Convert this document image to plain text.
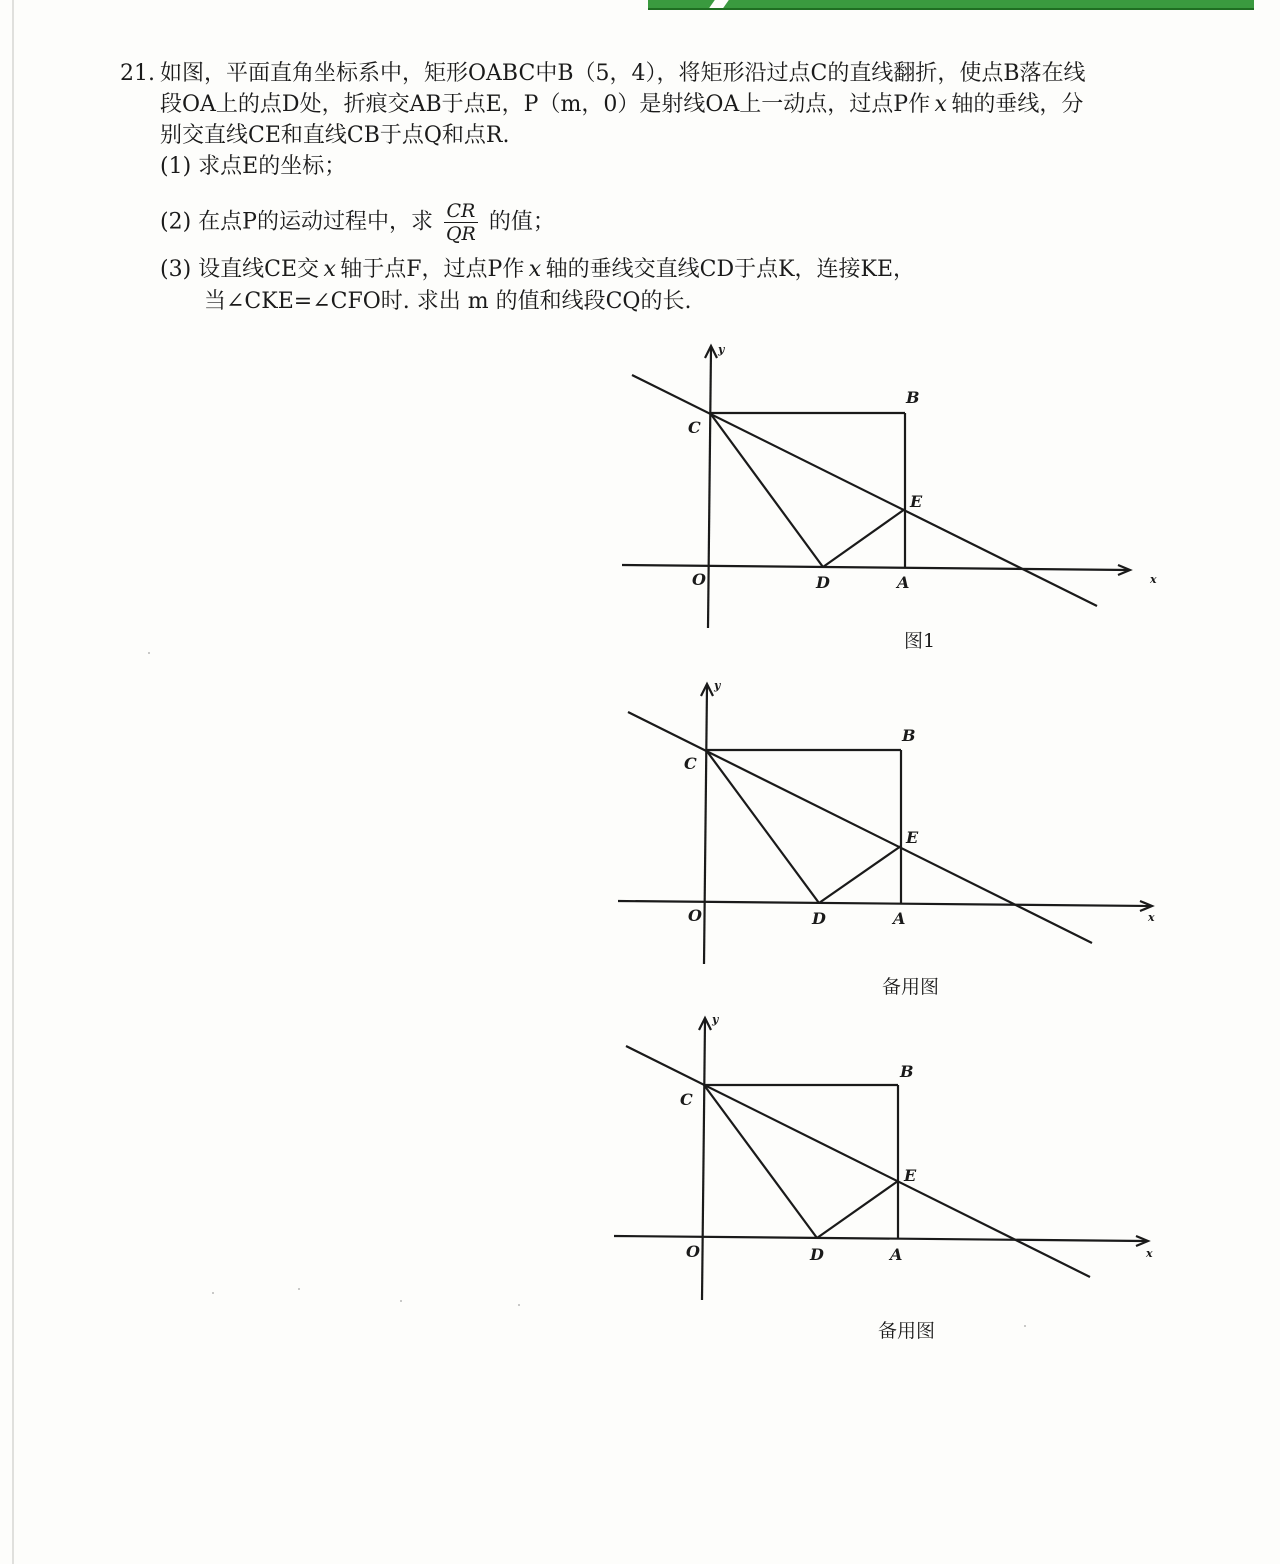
21. 如图，平面直角坐标系中，矩形OABC中B（5，4），将矩形沿过点C的直线翻折，使点B落在线
段OA上的点D处，折痕交AB于点E，P（m，0）是射线OA上一动点，过点P作  x  轴的垂线，分
别交直线CE和直线CB于点Q和点R.
(1) 求点E的坐标；
(2) 在点P的运动过程中，求 $\frac{CR}{QR}$ 的值；
(3) 设直线CE交  x  轴于点F，过点P作  x  轴的垂线交直线CD于点K，连接KE，
当∠CKE=∠CFO时. 求出 m 的值和线段CQ的长.
B
C
E
O	D	A	x
y
图1
B
C
E
O	D	A	x
y
备用图
B
C
E
O	D	A	x
y
备用图
